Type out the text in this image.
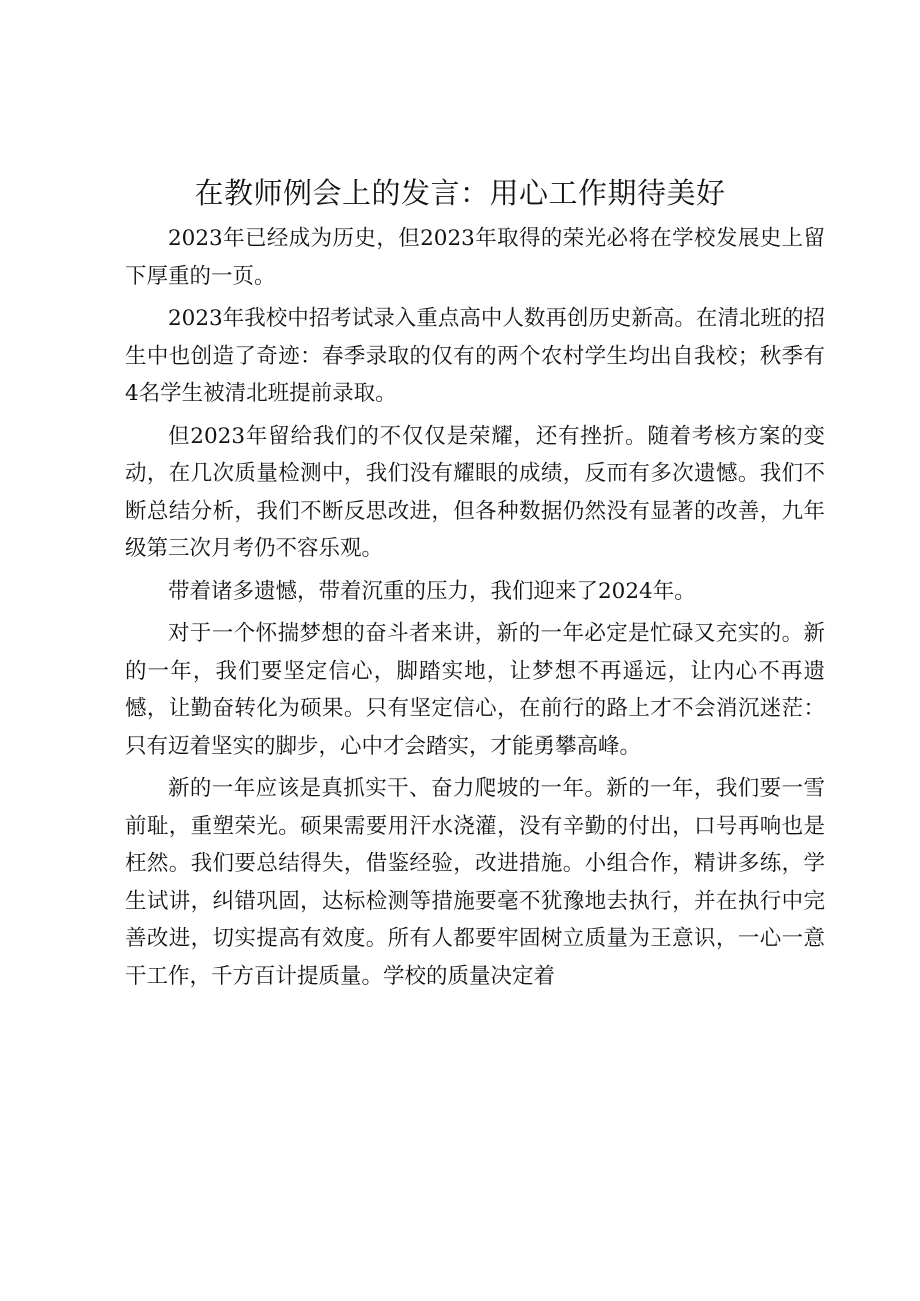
在教师例会上的发言：用心工作期待美好

2023年已经成为历史，但2023年取得的荣光必将在学校发展史上留下厚重的一页。

2023年我校中招考试录入重点高中人数再创历史新高。在清北班的招生中也创造了奇迹：春季录取的仅有的两个农村学生均出自我校；秋季有4名学生被清北班提前录取。

但2023年留给我们的不仅仅是荣耀，还有挫折。随着考核方案的变动，在几次质量检测中，我们没有耀眼的成绩，反而有多次遗憾。我们不断总结分析，我们不断反思改进，但各种数据仍然没有显著的改善，九年级第三次月考仍不容乐观。

带着诸多遗憾，带着沉重的压力，我们迎来了2024年。

对于一个怀揣梦想的奋斗者来讲，新的一年必定是忙碌又充实的。新的一年，我们要坚定信心，脚踏实地，让梦想不再遥远，让内心不再遗憾，让勤奋转化为硕果。只有坚定信心，在前行的路上才不会消沉迷茫：只有迈着坚实的脚步，心中才会踏实，才能勇攀高峰。

新的一年应该是真抓实干、奋力爬坡的一年。新的一年，我们要一雪前耻，重塑荣光。硕果需要用汗水浇灌，没有辛勤的付出，口号再响也是枉然。我们要总结得失，借鉴经验，改进措施。小组合作，精讲多练，学生试讲，纠错巩固，达标检测等措施要毫不犹豫地去执行，并在执行中完善改进，切实提高有效度。所有人都要牢固树立质量为王意识，一心一意干工作，千方百计提质量。学校的质量决定着
